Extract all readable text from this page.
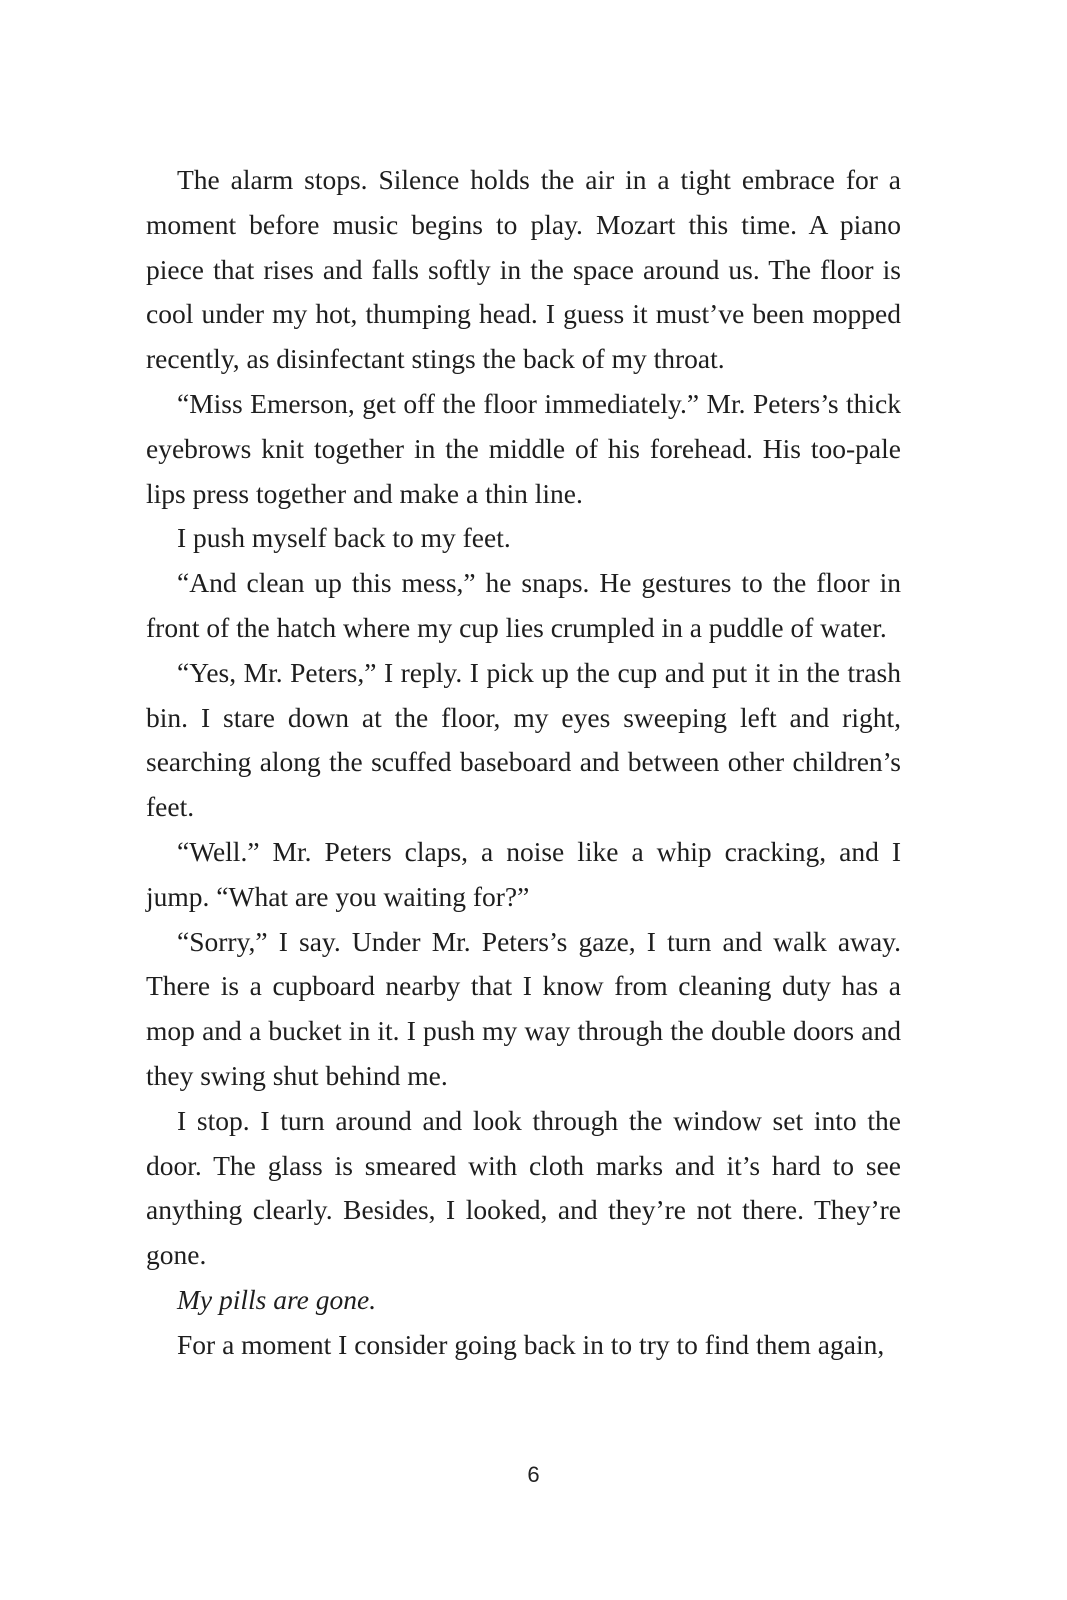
The alarm stops. Silence holds the air in a tight embrace for a moment before music begins to play. Mozart this time. A piano piece that rises and falls softly in the space around us. The floor is cool under my hot, thumping head. I guess it must’ve been mopped recently, as disinfectant stings the back of my throat.

“Miss Emerson, get off the floor immediately.” Mr. Peters’s thick eyebrows knit together in the middle of his forehead. His too-pale lips press together and make a thin line.

I push myself back to my feet.

“And clean up this mess,” he snaps. He gestures to the floor in front of the hatch where my cup lies crumpled in a puddle of water.

“Yes, Mr. Peters,” I reply. I pick up the cup and put it in the trash bin. I stare down at the floor, my eyes sweeping left and right, searching along the scuffed baseboard and between other children’s feet.

“Well.” Mr. Peters claps, a noise like a whip cracking, and I jump. “What are you waiting for?”

“Sorry,” I say. Under Mr. Peters’s gaze, I turn and walk away. There is a cupboard nearby that I know from cleaning duty has a mop and a bucket in it. I push my way through the double doors and they swing shut behind me.

I stop. I turn around and look through the window set into the door. The glass is smeared with cloth marks and it’s hard to see anything clearly. Besides, I looked, and they’re not there. They’re gone.

My pills are gone.

For a moment I consider going back in to try to find them again,

6
